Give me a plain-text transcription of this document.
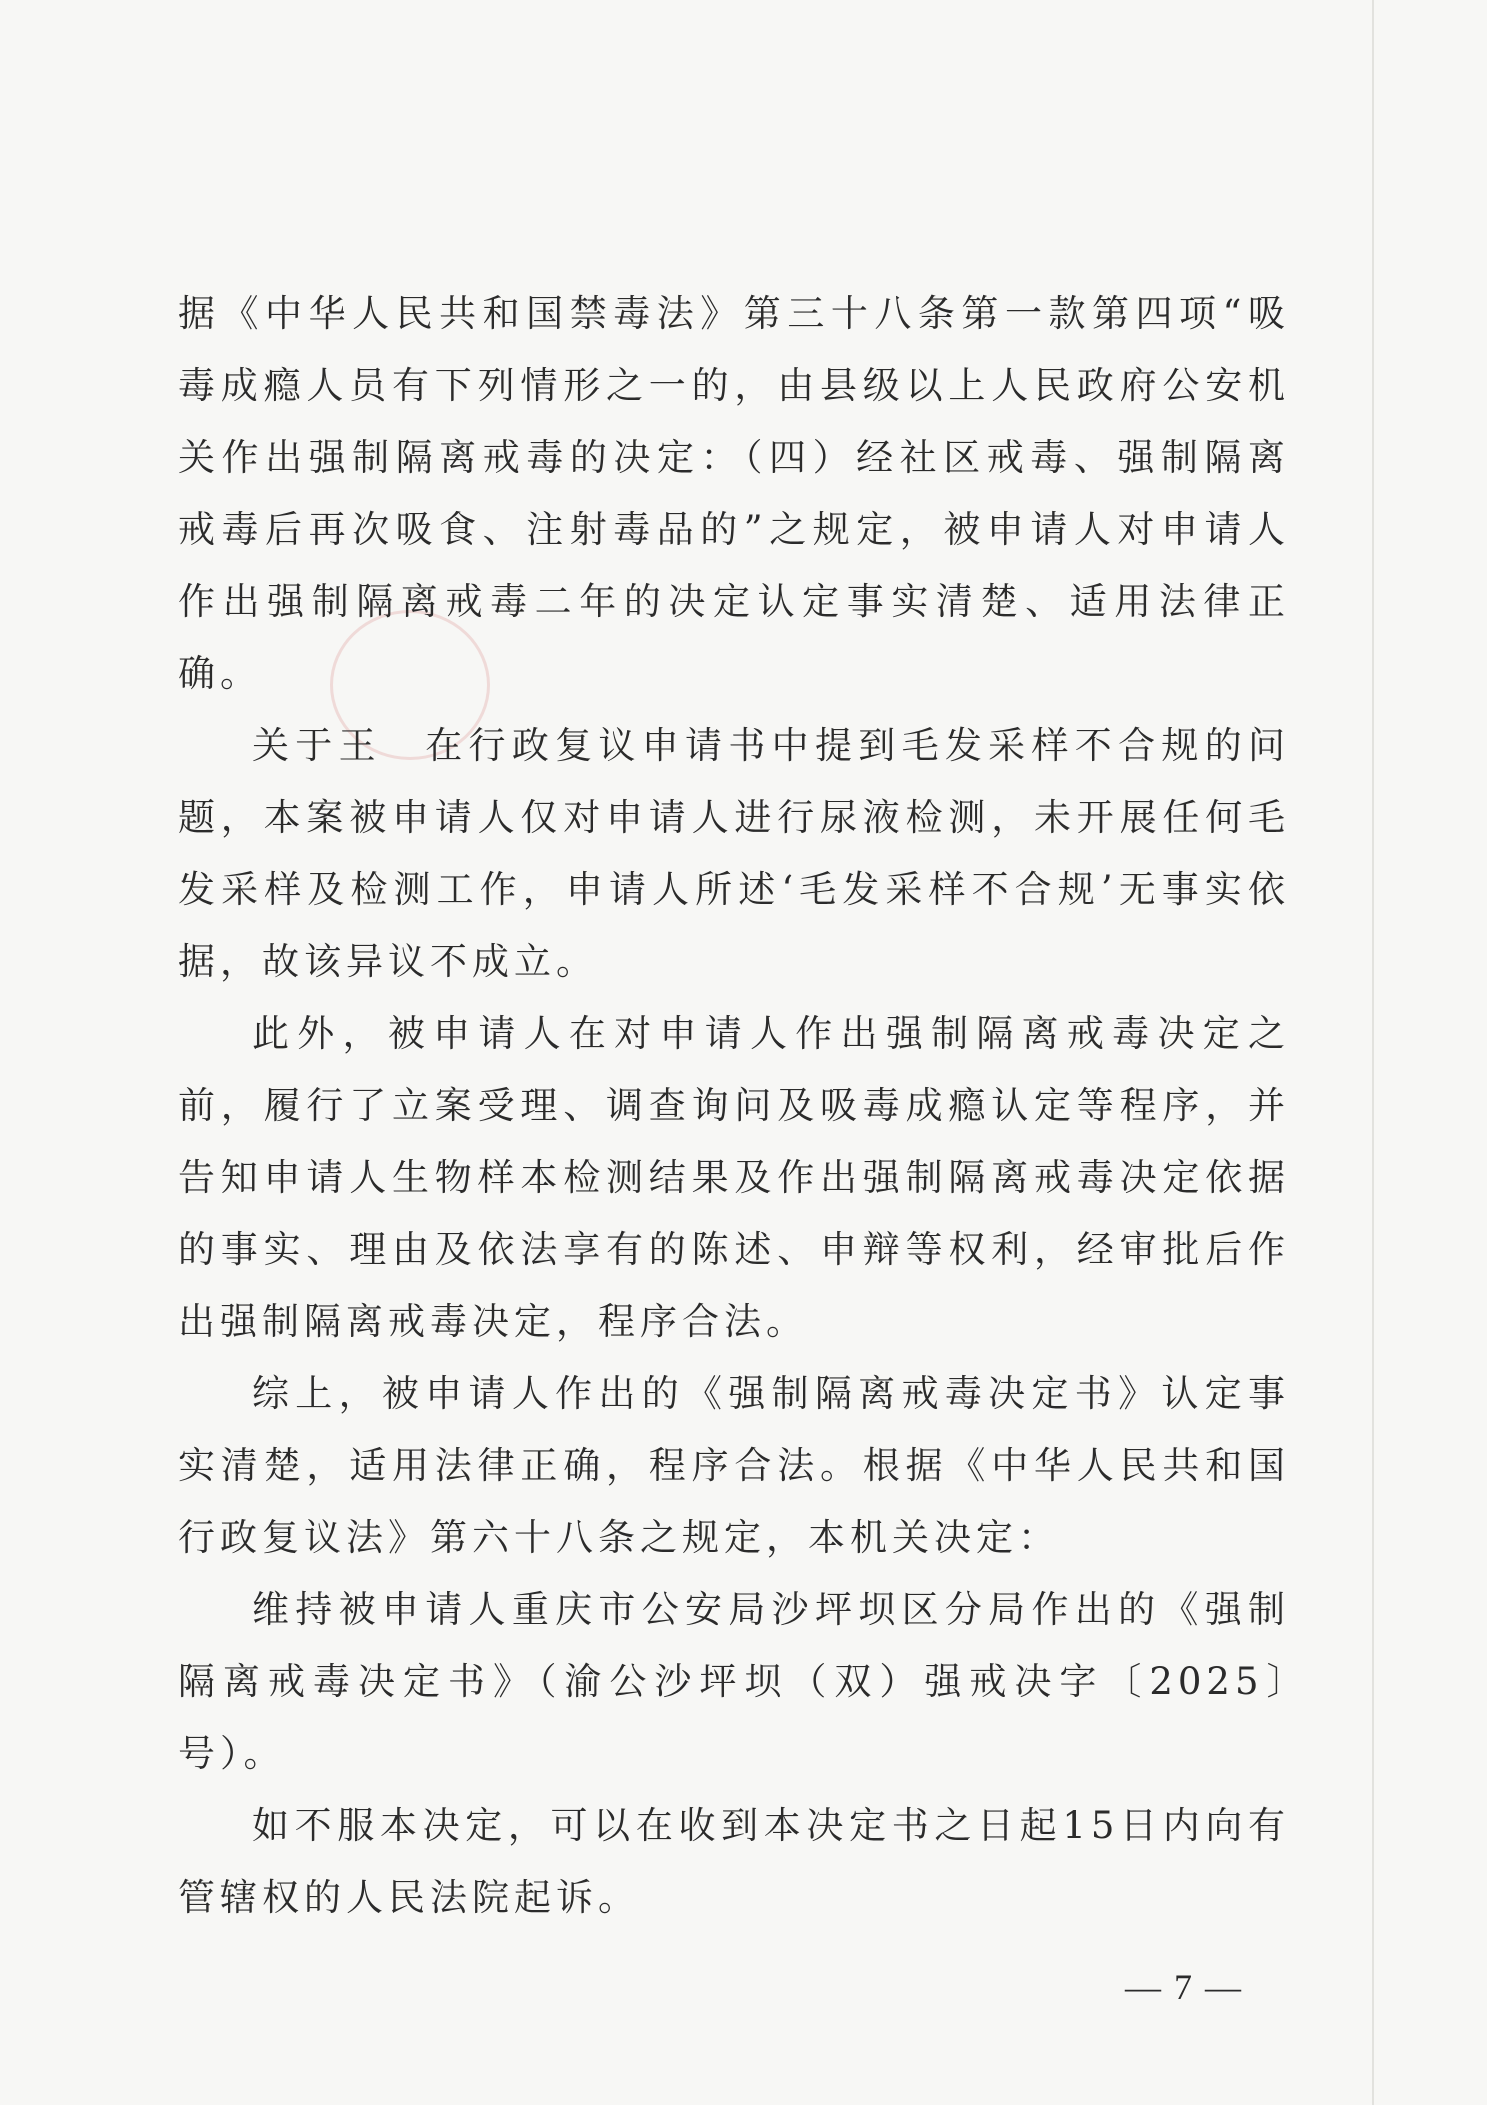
据《中华人民共和国禁毒法》第三十八条第一款第四项“吸毒成瘾人员有下列情形之一的，由县级以上人民政府公安机关作出强制隔离戒毒的决定：（四）经社区戒毒、强制隔离戒毒后再次吸食、注射毒品的”之规定，被申请人对申请人作出强制隔离戒毒二年的决定认定事实清楚、适用法律正确。

关于王　在行政复议申请书中提到毛发采样不合规的问题，本案被申请人仅对申请人进行尿液检测，未开展任何毛发采样及检测工作，申请人所述‘毛发采样不合规’无事实依据，故该异议不成立。

此外，被申请人在对申请人作出强制隔离戒毒决定之前，履行了立案受理、调查询问及吸毒成瘾认定等程序，并告知申请人生物样本检测结果及作出强制隔离戒毒决定依据的事实、理由及依法享有的陈述、申辩等权利，经审批后作出强制隔离戒毒决定，程序合法。

综上，被申请人作出的《强制隔离戒毒决定书》认定事实清楚，适用法律正确，程序合法。根据《中华人民共和国行政复议法》第六十八条之规定，本机关决定：

维持被申请人重庆市公安局沙坪坝区分局作出的《强制隔离戒毒决定书》（渝公沙坪坝（双）强戒决字〔2025〕　号）。

如不服本决定，可以在收到本决定书之日起15日内向有管辖权的人民法院起诉。

— 7 —
